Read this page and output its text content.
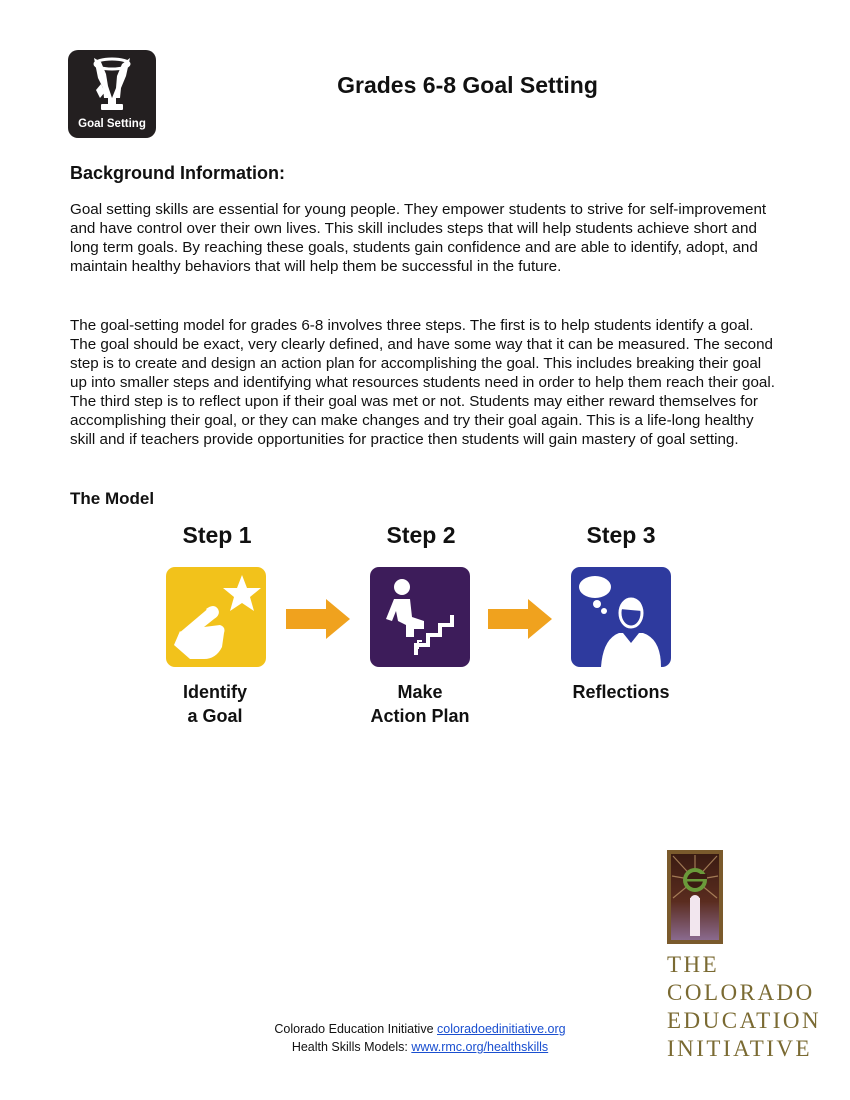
Goal Setting
Grades 6-8 Goal Setting
Background Information:

Goal setting skills are essential for young people. They empower students to strive for self-improvement and have control over their own lives. This skill includes steps that will help students achieve short and long term goals. By reaching these goals, students gain confidence and are able to identify, adopt, and maintain healthy behaviors that will help them be successful in the future.

The goal-setting model for grades 6-8 involves three steps. The first is to help students identify a goal. The goal should be exact, very clearly defined, and have some way that it can be measured. The second step is to create and design an action plan for accomplishing the goal. This includes breaking their goal up into smaller steps and identifying what resources students need in order to help them reach their goal. The third step is to reflect upon if their goal was met or not. Students may either reward themselves for accomplishing their goal, or they can make changes and try their goal again. This is a life-long healthy skill and if teachers provide opportunities for practice then students will gain mastery of goal setting.

The Model
Step 1	Step 2	Step 3
Identify
a Goal
Make
Action Plan
Reflections
THE
COLORADO
EDUCATION
INITIATIVE
Colorado Education Initiative coloradoedinitiative.org
Health Skills Models: www.rmc.org/healthskills
